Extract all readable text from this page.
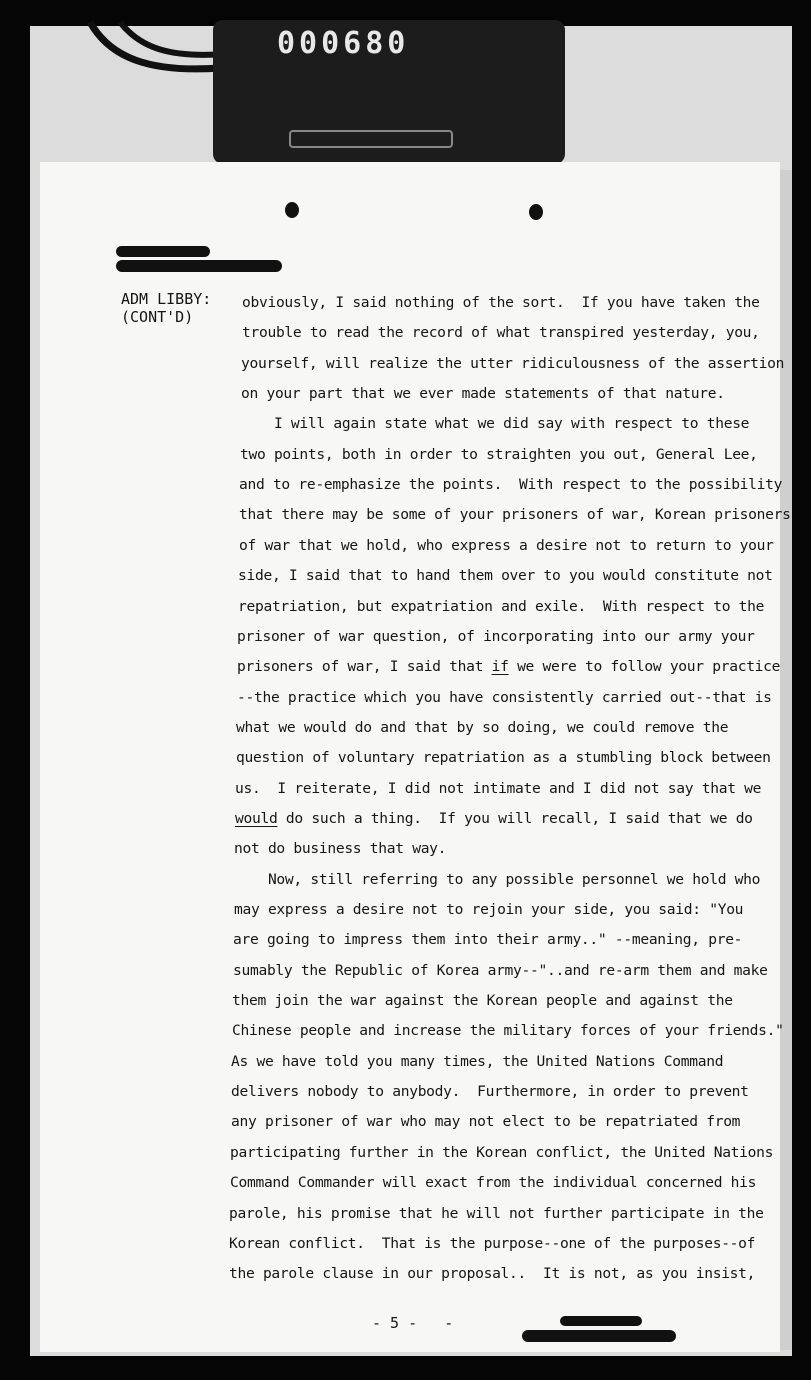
000680
ADM LIBBY:
(CONT'D)
obviously, I said nothing of the sort.  If you have taken the
trouble to read the record of what transpired yesterday, you,
yourself, will realize the utter ridiculousness of the assertion
on your part that we ever made statements of that nature.
I will again state what we did say with respect to these
two points, both in order to straighten you out, General Lee,
and to re-emphasize the points.  With respect to the possibility
that there may be some of your prisoners of war, Korean prisoners
of war that we hold, who express a desire not to return to your
side, I said that to hand them over to you would constitute not
repatriation, but expatriation and exile.  With respect to the
prisoner of war question, of incorporating into our army your
prisoners of war, I said that if we were to follow your practice
--the practice which you have consistently carried out--that is
what we would do and that by so doing, we could remove the
question of voluntary repatriation as a stumbling block between
us.  I reiterate, I did not intimate and I did not say that we
would do such a thing.  If you will recall, I said that we do
not do business that way.
Now, still referring to any possible personnel we hold who
may express a desire not to rejoin your side, you said: "You
are going to impress them into their army.." --meaning, pre-
sumably the Republic of Korea army--"..and re-arm them and make
them join the war against the Korean people and against the
Chinese people and increase the military forces of your friends."
As we have told you many times, the United Nations Command
delivers nobody to anybody.  Furthermore, in order to prevent
any prisoner of war who may not elect to be repatriated from
participating further in the Korean conflict, the United Nations
Command Commander will exact from the individual concerned his
parole, his promise that he will not further participate in the
Korean conflict.  That is the purpose--one of the purposes--of
the parole clause in our proposal..  It is not, as you insist,
- 5 -   -
